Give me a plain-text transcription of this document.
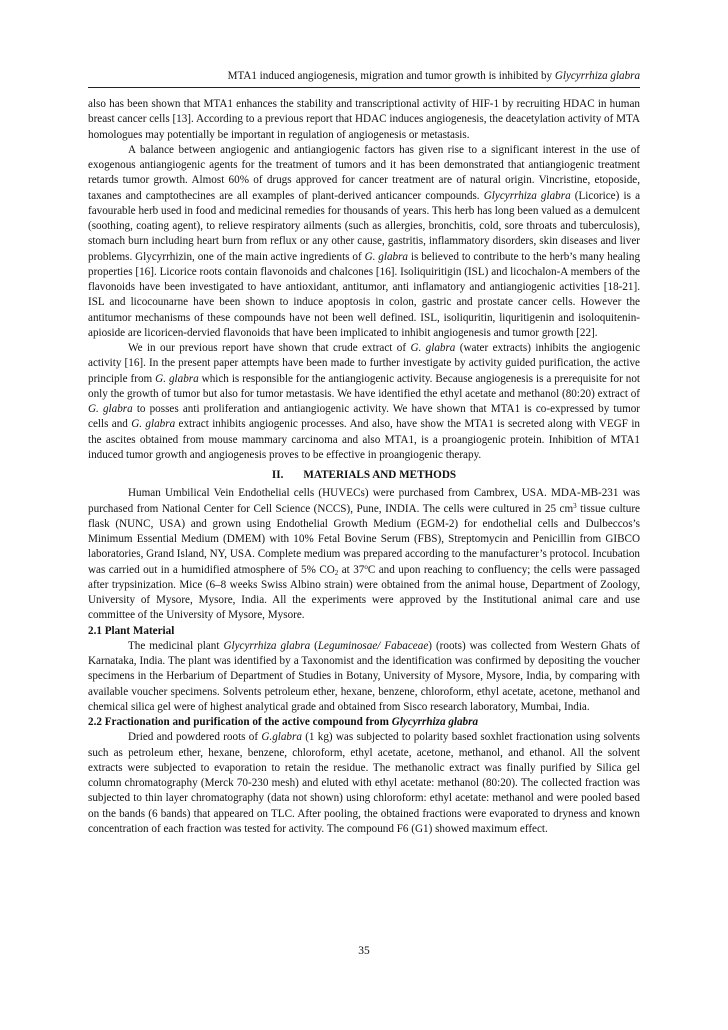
MTA1 induced angiogenesis, migration and tumor growth is inhibited by Glycyrrhiza glabra

also has been shown that MTA1 enhances the stability and transcriptional activity of HIF-1 by recruiting HDAC in human breast cancer cells [13]. According to a previous report that HDAC induces angiogenesis, the deacetylation activity of MTA homologues may potentially be important in regulation of angiogenesis or metastasis.

A balance between angiogenic and antiangiogenic factors has given rise to a significant interest in the use of exogenous antiangiogenic agents for the treatment of tumors and it has been demonstrated that antiangiogenic treatment retards tumor growth. Almost 60% of drugs approved for cancer treatment are of natural origin. Vincristine, etoposide, taxanes and camptothecines are all examples of plant-derived anticancer compounds. Glycyrrhiza glabra (Licorice) is a favourable herb used in food and medicinal remedies for thousands of years. This herb has long been valued as a demulcent (soothing, coating agent), to relieve respiratory ailments (such as allergies, bronchitis, cold, sore throats and tuberculosis), stomach burn including heart burn from reflux or any other cause, gastritis, inflammatory disorders, skin diseases and liver problems. Glycyrrhizin, one of the main active ingredients of G. glabra is believed to contribute to the herb’s many healing properties [16]. Licorice roots contain flavonoids and chalcones [16]. Isoliquiritigin (ISL) and licochalon-A members of the flavonoids have been investigated to have antioxidant, antitumor, anti inflamatory and antiangiogenic activities [18-21]. ISL and licocounarne have been shown to induce apoptosis in colon, gastric and prostate cancer cells. However the antitumor mechanisms of these compounds have not been well defined. ISL, isoliquritin, liquritigenin and isoloquitenin-apioside are licoricen-dervied flavonoids that have been implicated to inhibit angiogenesis and tumor growth [22].

We in our previous report have shown that crude extract of G. glabra (water extracts) inhibits the angiogenic activity [16]. In the present paper attempts have been made to further investigate by activity guided purification, the active principle from G. glabra which is responsible for the antiangiogenic activity. Because angiogenesis is a prerequisite for not only the growth of tumor but also for tumor metastasis. We have identified the ethyl acetate and methanol (80:20) extract of G. glabra to posses anti proliferation and antiangiogenic activity. We have shown that MTA1 is co-expressed by tumor cells and G. glabra extract inhibits angiogenic processes. And also, have show the MTA1 is secreted along with VEGF in the ascites obtained from mouse mammary carcinoma and also MTA1, is a proangiogenic protein. Inhibition of MTA1 induced tumor growth and angiogenesis proves to be effective in proangiogenic therapy.

II. MATERIALS AND METHODS

Human Umbilical Vein Endothelial cells (HUVECs) were purchased from Cambrex, USA. MDA-MB-231 was purchased from National Center for Cell Science (NCCS), Pune, INDIA. The cells were cultured in 25 $cm^3$ tissue culture flask (NUNC, USA) and grown using Endothelial Growth Medium (EGM-2) for endothelial cells and Dulbeccos’s Minimum Essential Medium (DMEM) with 10% Fetal Bovine Serum (FBS), Streptomycin and Penicillin from GIBCO laboratories, Grand Island, NY, USA. Complete medium was prepared according to the manufacturer’s protocol. Incubation was carried out in a humidified atmosphere of 5% $CO_2$ at 37$^o$C and upon reaching to confluency; the cells were passaged after trypsinization. Mice (6–8 weeks Swiss Albino strain) were obtained from the animal house, Department of Zoology, University of Mysore, Mysore, India. All the experiments were approved by the Institutional animal care and use committee of the University of Mysore, Mysore.

2.1 Plant Material

The medicinal plant Glycyrrhiza glabra (Leguminosae/ Fabaceae) (roots) was collected from Western Ghats of Karnataka, India. The plant was identified by a Taxonomist and the identification was confirmed by depositing the voucher specimens in the Herbarium of Department of Studies in Botany, University of Mysore, Mysore, India, by comparing with available voucher specimens. Solvents petroleum ether, hexane, benzene, chloroform, ethyl acetate, acetone, methanol and chemical silica gel were of highest analytical grade and obtained from Sisco research laboratory, Mumbai, India.

2.2 Fractionation and purification of the active compound from Glycyrrhiza glabra

Dried and powdered roots of G.glabra (1 kg) was subjected to polarity based soxhlet fractionation using solvents such as petroleum ether, hexane, benzene, chloroform, ethyl acetate, acetone, methanol, and ethanol. All the solvent extracts were subjected to evaporation to retain the residue. The methanolic extract was finally purified by Silica gel column chromatography (Merck 70-230 mesh) and eluted with ethyl acetate: methanol (80:20). The collected fraction was subjected to thin layer chromatography (data not shown) using chloroform: ethyl acetate: methanol and were pooled based on the bands (6 bands) that appeared on TLC. After pooling, the obtained fractions were evaporated to dryness and known concentration of each fraction was tested for activity. The compound F6 (G1) showed maximum effect.

35
